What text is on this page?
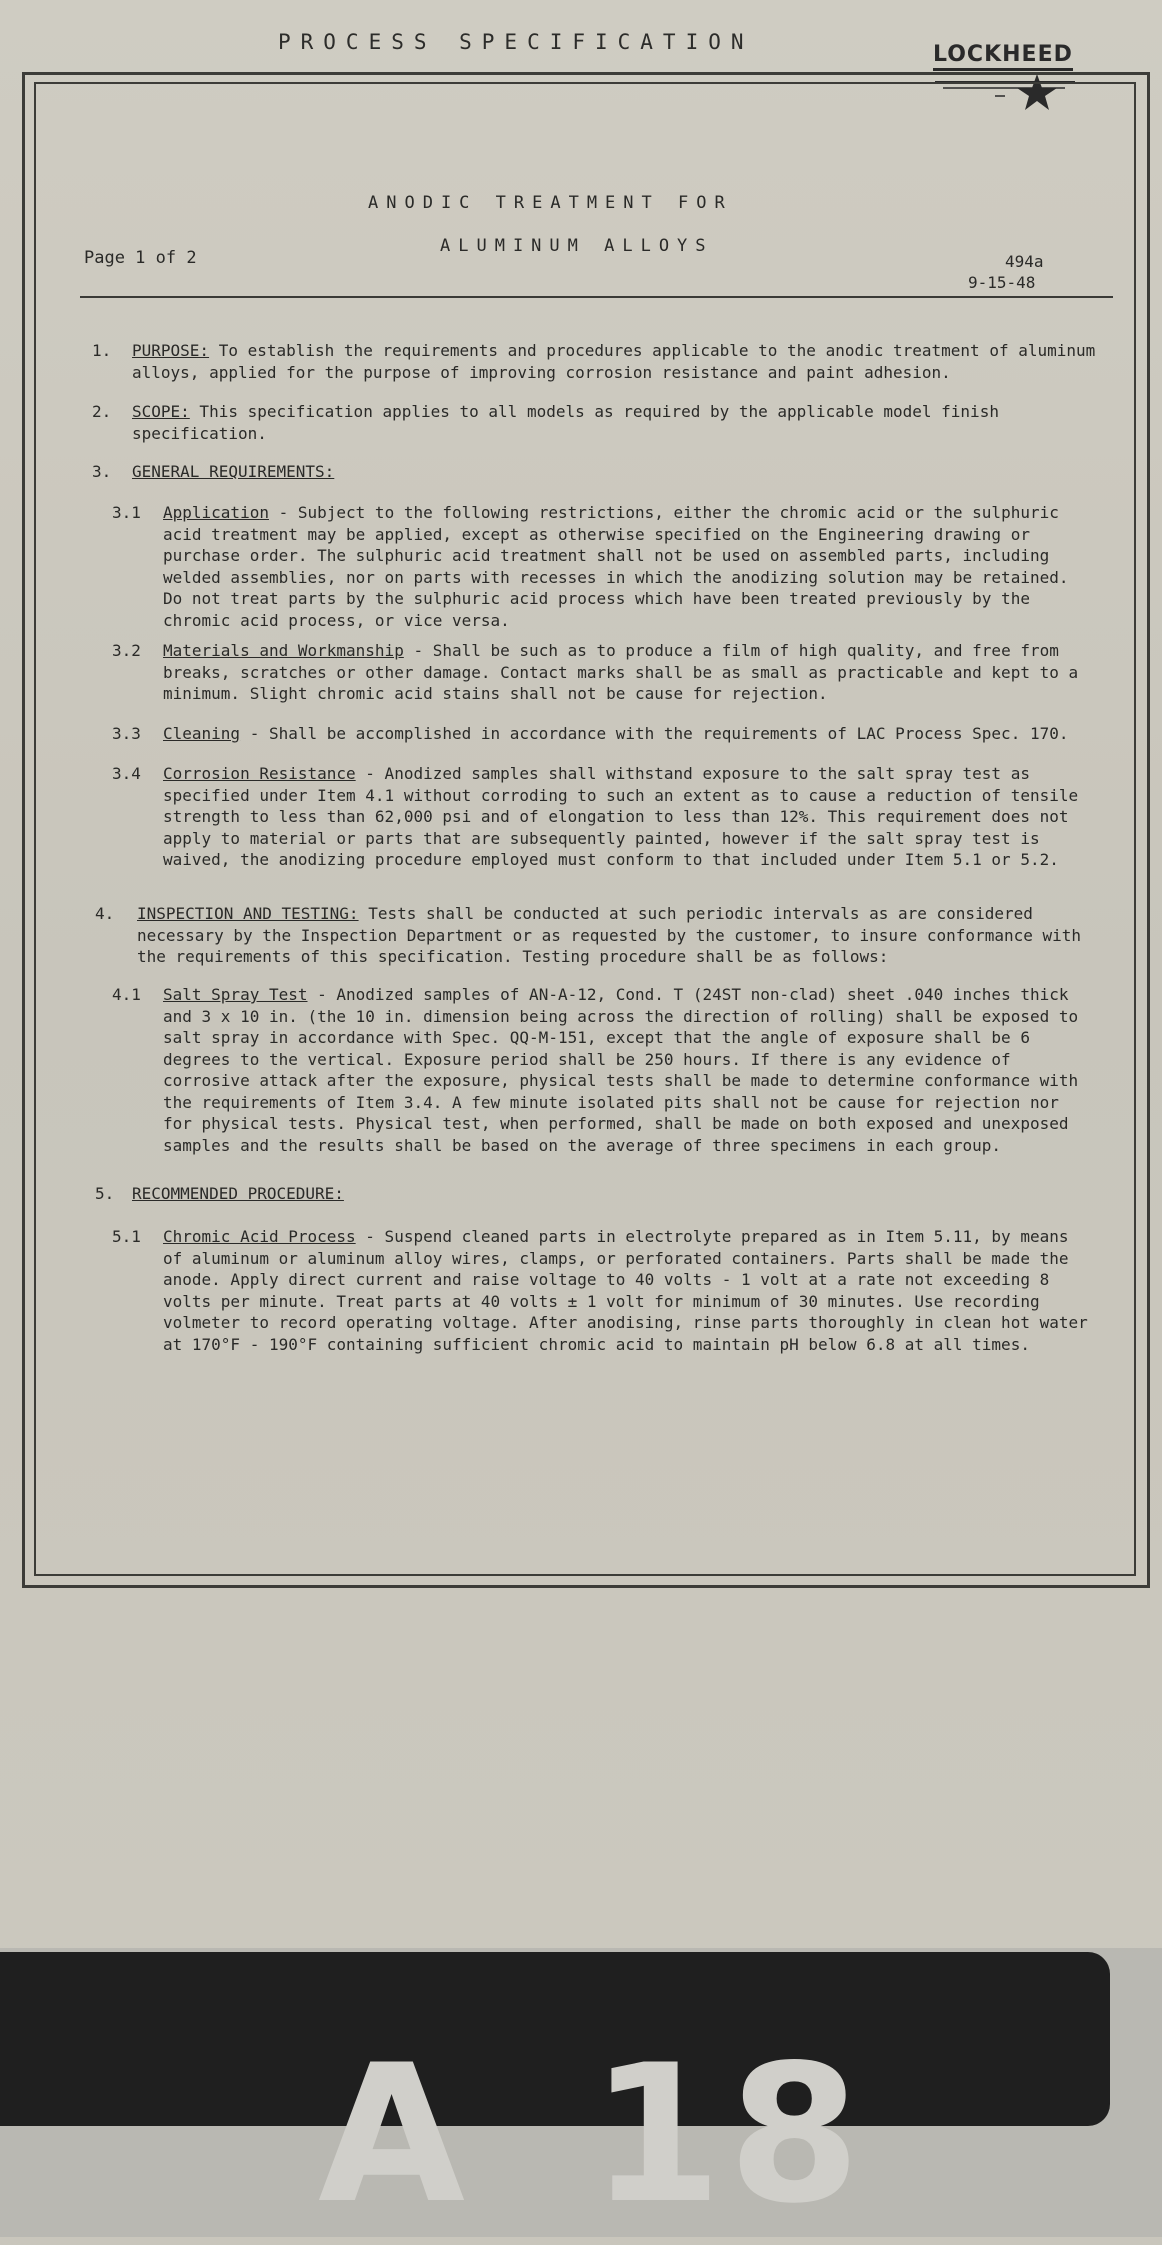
PROCESS SPECIFICATION	LOCKHEED
ANODIC TREATMENT FOR
ALUMINUM ALLOYS
Page 1 of 2	494a
9-15-48
1. PURPOSE: To establish the requirements and procedures applicable to the anodic treatment of aluminum alloys, applied for the purpose of improving corrosion resistance and paint adhesion.

2. SCOPE: This specification applies to all models as required by the applicable model finish specification.

3. GENERAL REQUIREMENTS:

3.1 Application - Subject to the following restrictions, either the chromic acid or the sulphuric acid treatment may be applied, except as otherwise specified on the Engineering drawing or purchase order. The sulphuric acid treatment shall not be used on assembled parts, including welded assemblies, nor on parts with recesses in which the anodizing solution may be retained. Do not treat parts by the sulphuric acid process which have been treated previously by the chromic acid process, or vice versa.

3.2 Materials and Workmanship - Shall be such as to produce a film of high quality, and free from breaks, scratches or other damage. Contact marks shall be as small as practicable and kept to a minimum. Slight chromic acid stains shall not be cause for rejection.

3.3 Cleaning - Shall be accomplished in accordance with the requirements of LAC Process Spec. 170.

3.4 Corrosion Resistance - Anodized samples shall withstand exposure to the salt spray test as specified under Item 4.1 without corroding to such an extent as to cause a reduction of tensile strength to less than 62,000 psi and of elongation to less than 12%. This requirement does not apply to material or parts that are subsequently painted, however if the salt spray test is waived, the anodizing procedure employed must conform to that included under Item 5.1 or 5.2.

4. INSPECTION AND TESTING: Tests shall be conducted at such periodic intervals as are considered necessary by the Inspection Department or as requested by the customer, to insure conformance with the requirements of this specification. Testing procedure shall be as follows:

4.1 Salt Spray Test - Anodized samples of AN-A-12, Cond. T (24ST non-clad) sheet .040 inches thick and 3 x 10 in. (the 10 in. dimension being across the direction of rolling) shall be exposed to salt spray in accordance with Spec. QQ-M-151, except that the angle of exposure shall be 6 degrees to the vertical. Exposure period shall be 250 hours. If there is any evidence of corrosive attack after the exposure, physical tests shall be made to determine conformance with the requirements of Item 3.4. A few minute isolated pits shall not be cause for rejection nor for physical tests. Physical test, when performed, shall be made on both exposed and unexposed samples and the results shall be based on the average of three specimens in each group.

5. RECOMMENDED PROCEDURE:

5.1 Chromic Acid Process - Suspend cleaned parts in electrolyte prepared as in Item 5.11, by means of aluminum or aluminum alloy wires, clamps, or perforated containers. Parts shall be made the anode. Apply direct current and raise voltage to 40 volts - 1 volt at a rate not exceeding 8 volts per minute. Treat parts at 40 volts ± 1 volt for minimum of 30 minutes. Use recording volmeter to record operating voltage. After anodising, rinse parts thoroughly in clean hot water at 170°F - 190°F containing sufficient chromic acid to maintain pH below 6.8 at all times.

A 18
